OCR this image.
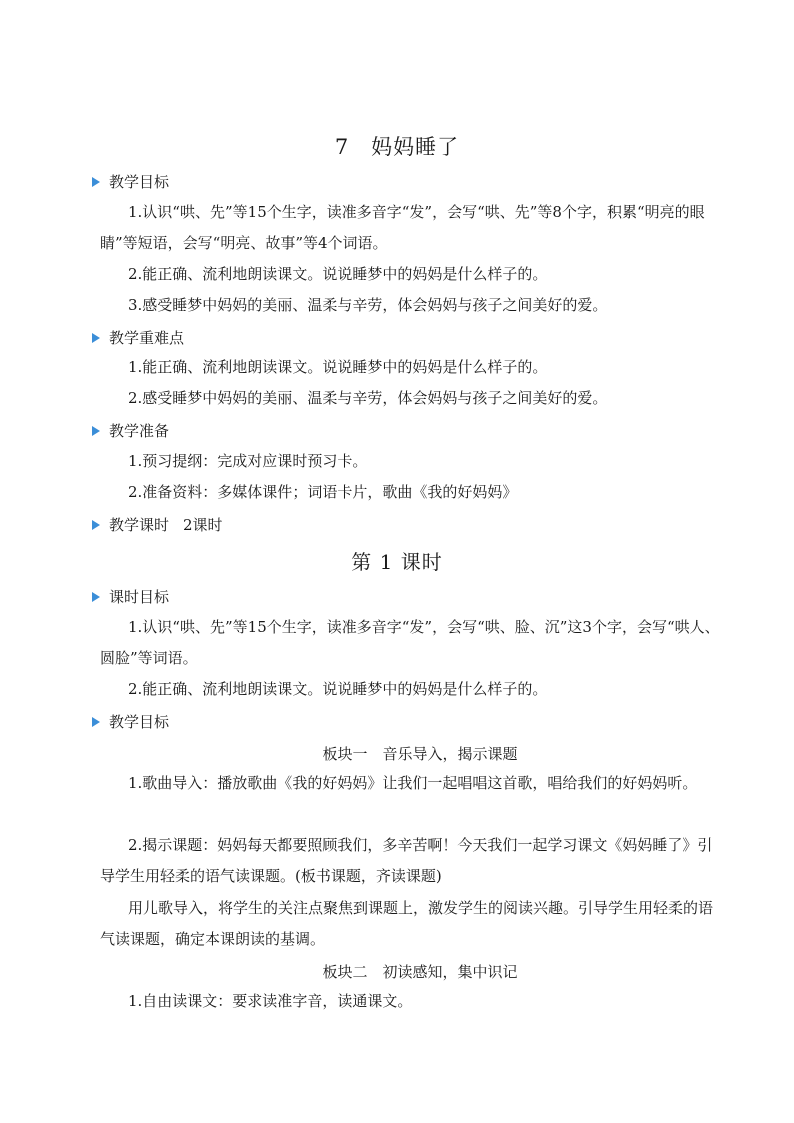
7　妈妈睡了
教学目标
1.认识“哄、先”等15个生字，读准多音字“发”，会写“哄、先”等8个字，积累“明亮的眼睛”等短语，会写“明亮、故事”等4个词语。
2.能正确、流利地朗读课文。说说睡梦中的妈妈是什么样子的。
3.感受睡梦中妈妈的美丽、温柔与辛劳，体会妈妈与孩子之间美好的爱。
教学重难点
1.能正确、流利地朗读课文。说说睡梦中的妈妈是什么样子的。
2.感受睡梦中妈妈的美丽、温柔与辛劳，体会妈妈与孩子之间美好的爱。
教学准备
1.预习提纲：完成对应课时预习卡。
2.准备资料：多媒体课件；词语卡片，歌曲《我的好妈妈》
教学课时 2课时
第 1 课时
课时目标
1.认识“哄、先”等15个生字，读准多音字“发”，会写“哄、脸、沉”这3个字，会写“哄人、圆脸”等词语。
2.能正确、流利地朗读课文。说说睡梦中的妈妈是什么样子的。
教学目标
板块一　音乐导入，揭示课题
1.歌曲导入：播放歌曲《我的好妈妈》让我们一起唱唱这首歌，唱给我们的好妈妈听。
2.揭示课题：妈妈每天都要照顾我们，多辛苦啊！今天我们一起学习课文《妈妈睡了》引导学生用轻柔的语气读课题。(板书课题，齐读课题)
用儿歌导入，将学生的关注点聚焦到课题上，激发学生的阅读兴趣。引导学生用轻柔的语气读课题，确定本课朗读的基调。
板块二　初读感知，集中识记
1.自由读课文：要求读准字音，读通课文。
